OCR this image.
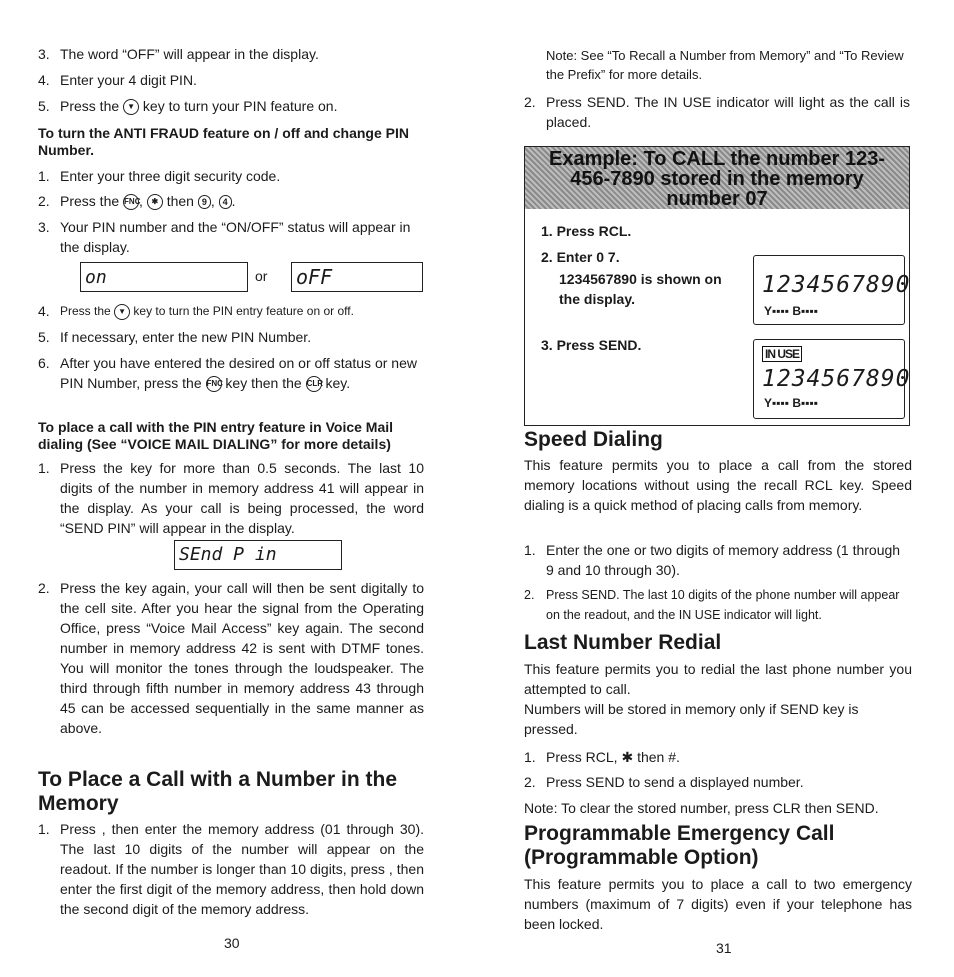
3. The word “OFF” will appear in the display.
4. Enter your 4 digit PIN.
5. Press the ▼ key to turn your PIN feature on.
To turn the ANTI FRAUD feature on / off and change PIN Number.
1. Enter your three digit security code.
2. Press the FNC, ✱ then 9 , 4 .
3. Your PIN number and the “ON/OFF” status will appear in the display.
on	or oFF
4. Press the ▼ key to turn the PIN entry feature on or off.
5. If necessary, enter the new PIN Number.
6. After you have entered the desired on or off status or new PIN Number, press the FNC key then the CLR key.
To place a call with the PIN entry feature in Voice Mail dialing (See “VOICE MAIL DIALING” for more details)
1. Press the key for more than 0.5 seconds. The last 10 digits of the number in memory address 41 will appear in the display. As your call is being processed, the word “SEND PIN” will appear in the display.
SEnd P in
2. Press the key again, your call will then be sent digitally to the cell site. After you hear the signal from the Operating Office, press “Voice Mail Access” key again. The second number in memory address 42 is sent with DTMF tones. You will monitor the tones through the loudspeaker. The third through fifth number in memory address 43 through 45 can be accessed sequentially in the same manner as above.
To Place a Call with a Number in the Memory
1. Press , then enter the memory address (01 through 30). The last 10 digits of the number will appear on the readout. If the number is longer than 10 digits, press , then enter the first digit of the memory address, then hold down the second digit of the memory address.
30
Note: See “To Recall a Number from Memory” and “To Review the Prefix” for more details.
2. Press SEND. The IN USE indicator will light as the call is placed.
Example: To CALL the number 123-456-7890 stored in the memory number 07
1. Press RCL.
2. Enter 0 7.
1234567890 is shown on the display.
3. Press SEND.
1234567890
Y▪▪▪▪ B▪▪▪▪
IN USE
1234567890
Y▪▪▪▪ B▪▪▪▪
Speed Dialing
This feature permits you to place a call from the stored memory locations without using the recall RCL key. Speed dialing is a quick method of placing calls from memory.
1. Enter the one or two digits of memory address (1 through 9 and 10 through 30).
2. Press SEND. The last 10 digits of the phone number will appear on the readout, and the IN USE indicator will light.
Last Number Redial
This feature permits you to redial the last phone number you attempted to call.
Numbers will be stored in memory only if SEND key is pressed.
1. Press RCL, ✱ then #.
2. Press SEND to send a displayed number.
Note: To clear the stored number, press CLR then SEND.
Programmable Emergency Call (Programmable Option)
This feature permits you to place a call to two emergency numbers (maximum of 7 digits) even if your telephone has been locked.
31
